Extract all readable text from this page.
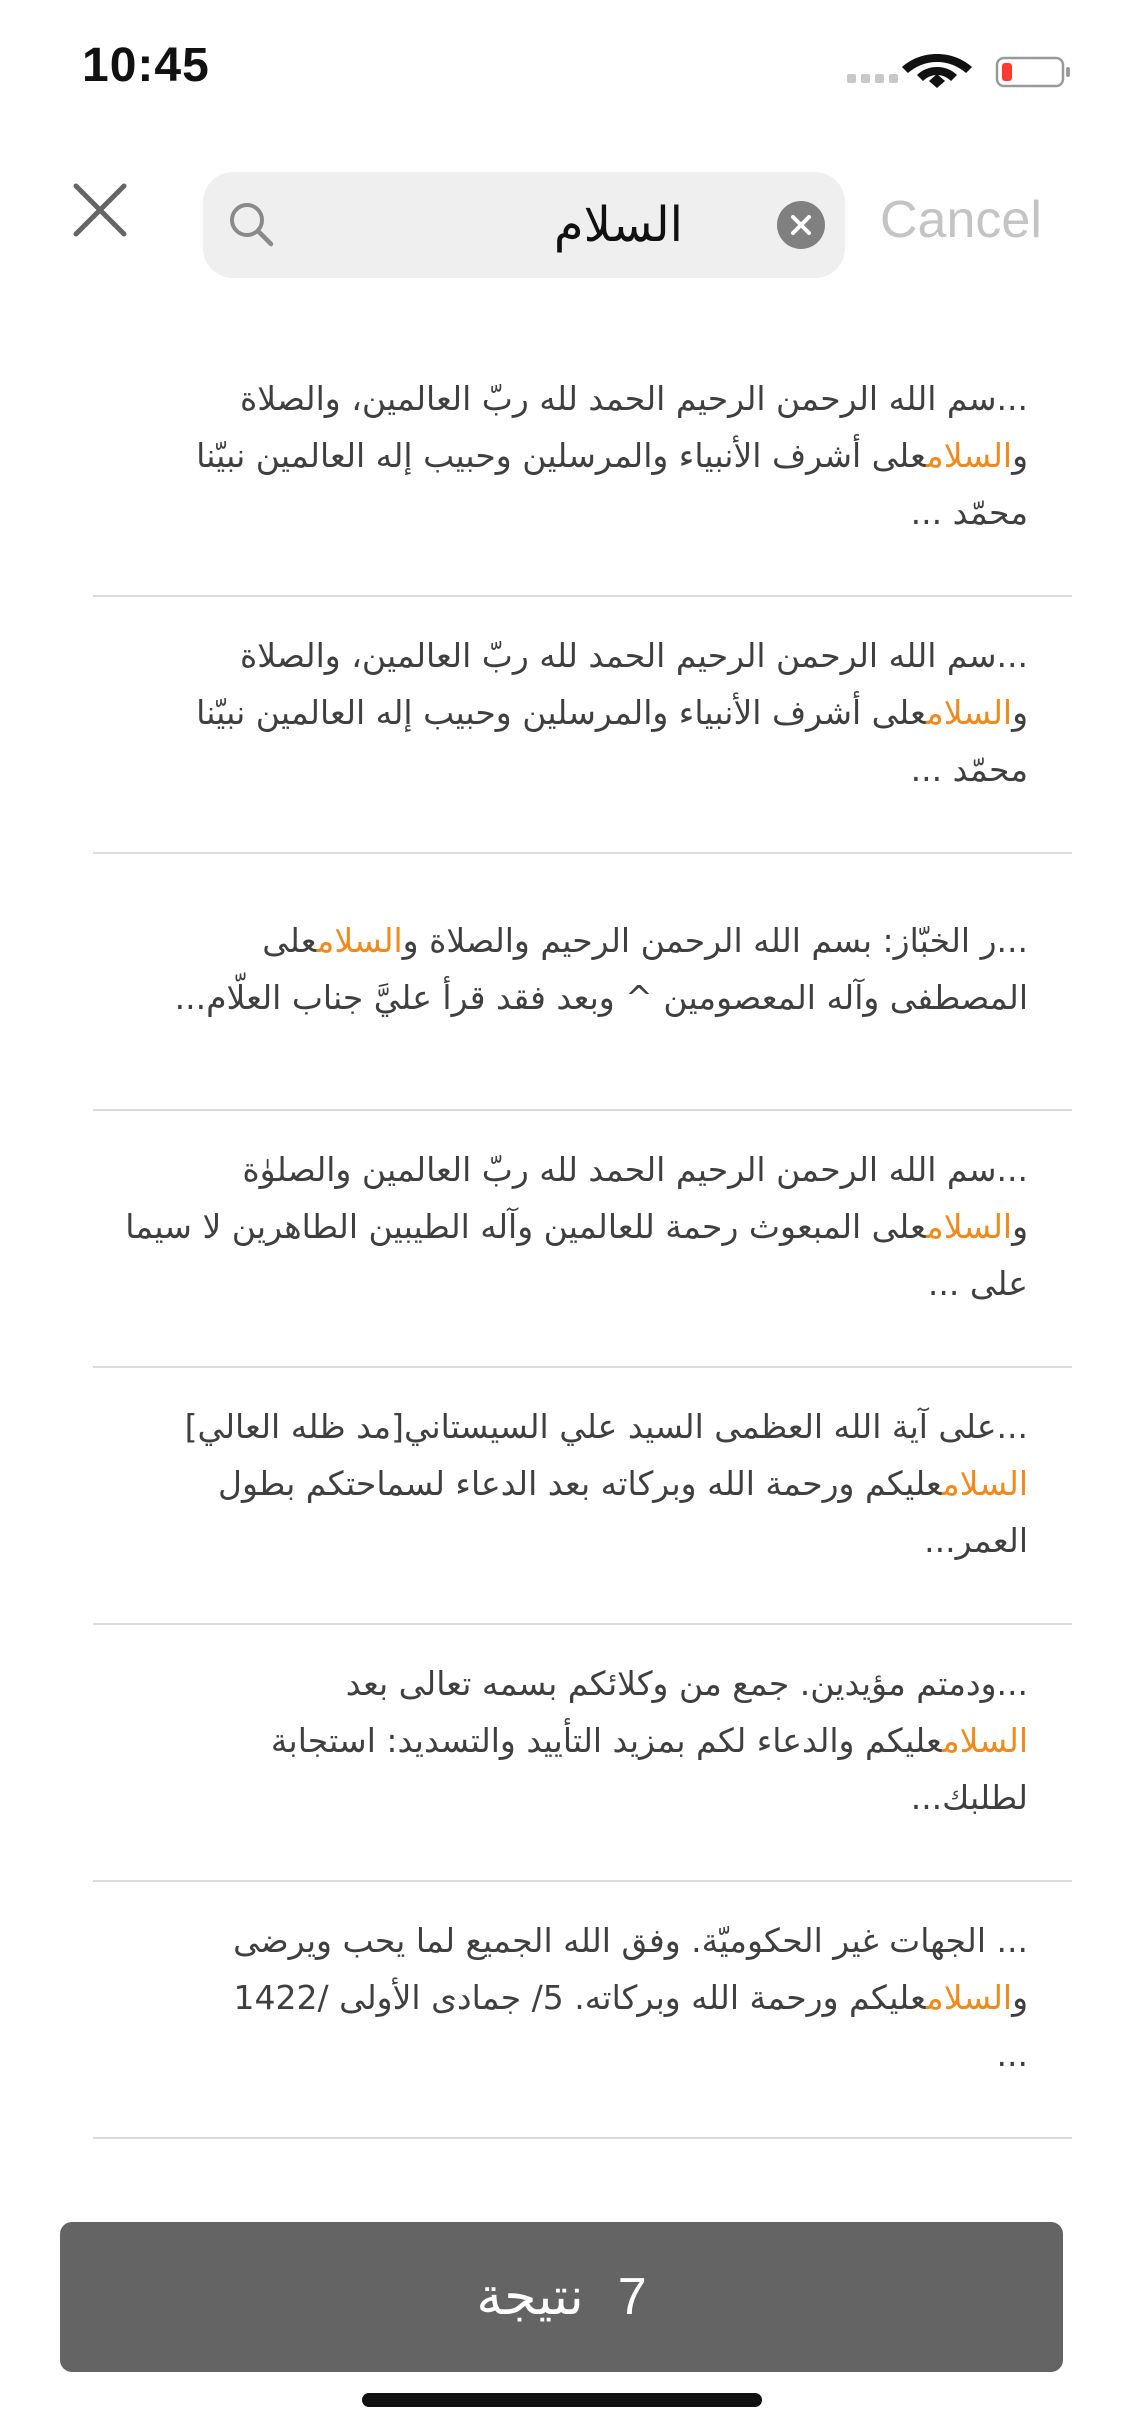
10:45
السلام
Cancel
...سم الله الرحمن الرحيم الحمد لله ربّ العالمين، والصلاة
والسلامعلى أشرف الأنبياء والمرسلين وحبيب إله العالمين نبيّنا
محمّد ...
...سم الله الرحمن الرحيم الحمد لله ربّ العالمين، والصلاة
والسلامعلى أشرف الأنبياء والمرسلين وحبيب إله العالمين نبيّنا
محمّد ...
...ر الخبّاز: بسم الله الرحمن الرحيم والصلاة والسلامعلى
المصطفى وآله المعصومين ^ وبعد فقد قرأ عليَّ جناب العلّام...
...سم الله الرحمن الرحيم الحمد لله ربّ العالمين والصلوٰة
والسلامعلى المبعوث رحمة للعالمين وآله الطيبين الطاهرين لا سيما
على ...
...على آية الله العظمى السيد علي السيستاني[مد ظله العالي]
السلامعليكم ورحمة الله وبركاته بعد الدعاء لسماحتكم بطول
العمر...
...ودمتم مؤيدين. جمع من وكلائكم بسمه تعالى بعد
السلامعليكم والدعاء لكم بمزيد التأييد والتسديد: استجابة
لطلبك...
... الجهات غير الحكوميّة. وفق الله الجميع لما يحب ويرضى
والسلامعليكم ورحمة الله وبركاته. 5/ جمادى الأولى /1422
...
7
نتيجة
